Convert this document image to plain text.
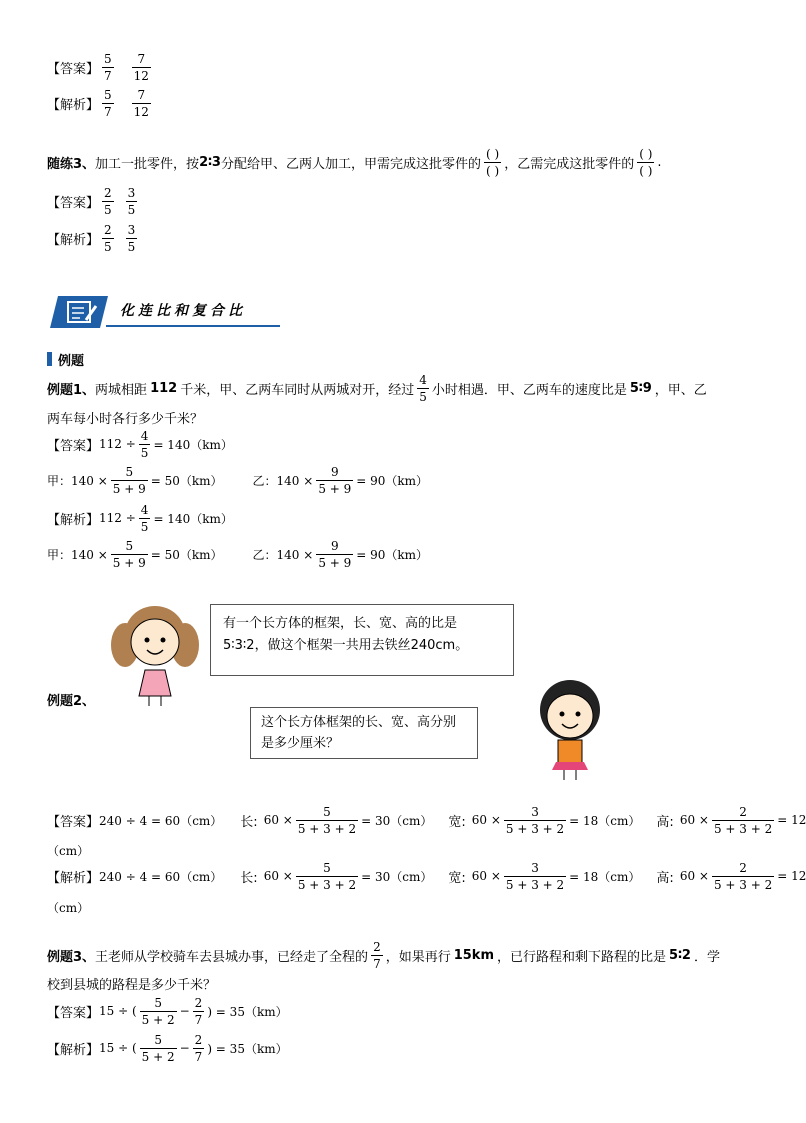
【答案】
5
7
7
12
【解析】
5
7
7
12
随练3、 加工一批零件，按 2∶3 分配给甲、乙两人加工，甲需完成这批零件的
( )
( ) ，乙需完成这批零件的
( )
( )
.
【答案】
2
5
3
5
【解析】
2
5
3
5
化连比和复合比
例题
例题1、 两城相距 112 千米，甲、乙两车同时从两城对开，经过
4
5 小时相遇．甲、乙两车的速度比是 5∶9 ，甲、乙
两车每小时各行多少千米？
【答案】 $112 \div \frac{4}{5} = 140(km)$
甲：$140 \times \frac{5}{5 + 9} = 50(km)$	乙：$140 \times \frac{9}{5 + 9} = 90(km)$
【解析】 $112 \div \frac{4}{5} = 140(km)$
甲：$140 \times \frac{5}{5 + 9} = 50(km)$	乙：$140 \times \frac{9}{5 + 9} = 90(km)$
有一个长方体的框架，长、宽、高的比是5∶3∶2，做这个框架一共用去铁丝240cm。
例题2、
这个长方体框架的长、宽、高分别是多少厘米？
【答案】 240 ÷ 4 = 60（cm） 长: $60 \times \frac{5}{5 + 3 + 2} = 30(cm)$ 宽: $60 \times \frac{3}{5 + 3 + 2} = 18(cm)$ 高: $60 \times \frac{2}{5 + 3 + 2} = 12$
（cm）
【解析】 240 ÷ 4 = 60（cm） 长: $60 \times \frac{5}{5 + 3 + 2} = 30(cm)$ 宽: $60 \times \frac{3}{5 + 3 + 2} = 18(cm)$ 高: $60 \times \frac{2}{5 + 3 + 2} = 12$
（cm）
例题3、 王老师从学校骑车去县城办事，已经走了全程的
2
7 ，如果再行 15km ，已行路程和剩下路程的比是 5∶2 ．学
校到县城的路程是多少千米？
【答案】 15 ÷ (
5
5 + 2
− $\frac{2}{7}$ ) = 35（km）
【解析】 15 ÷ (
5
5 + 2
− $\frac{2}{7}$ ) = 35（km）
